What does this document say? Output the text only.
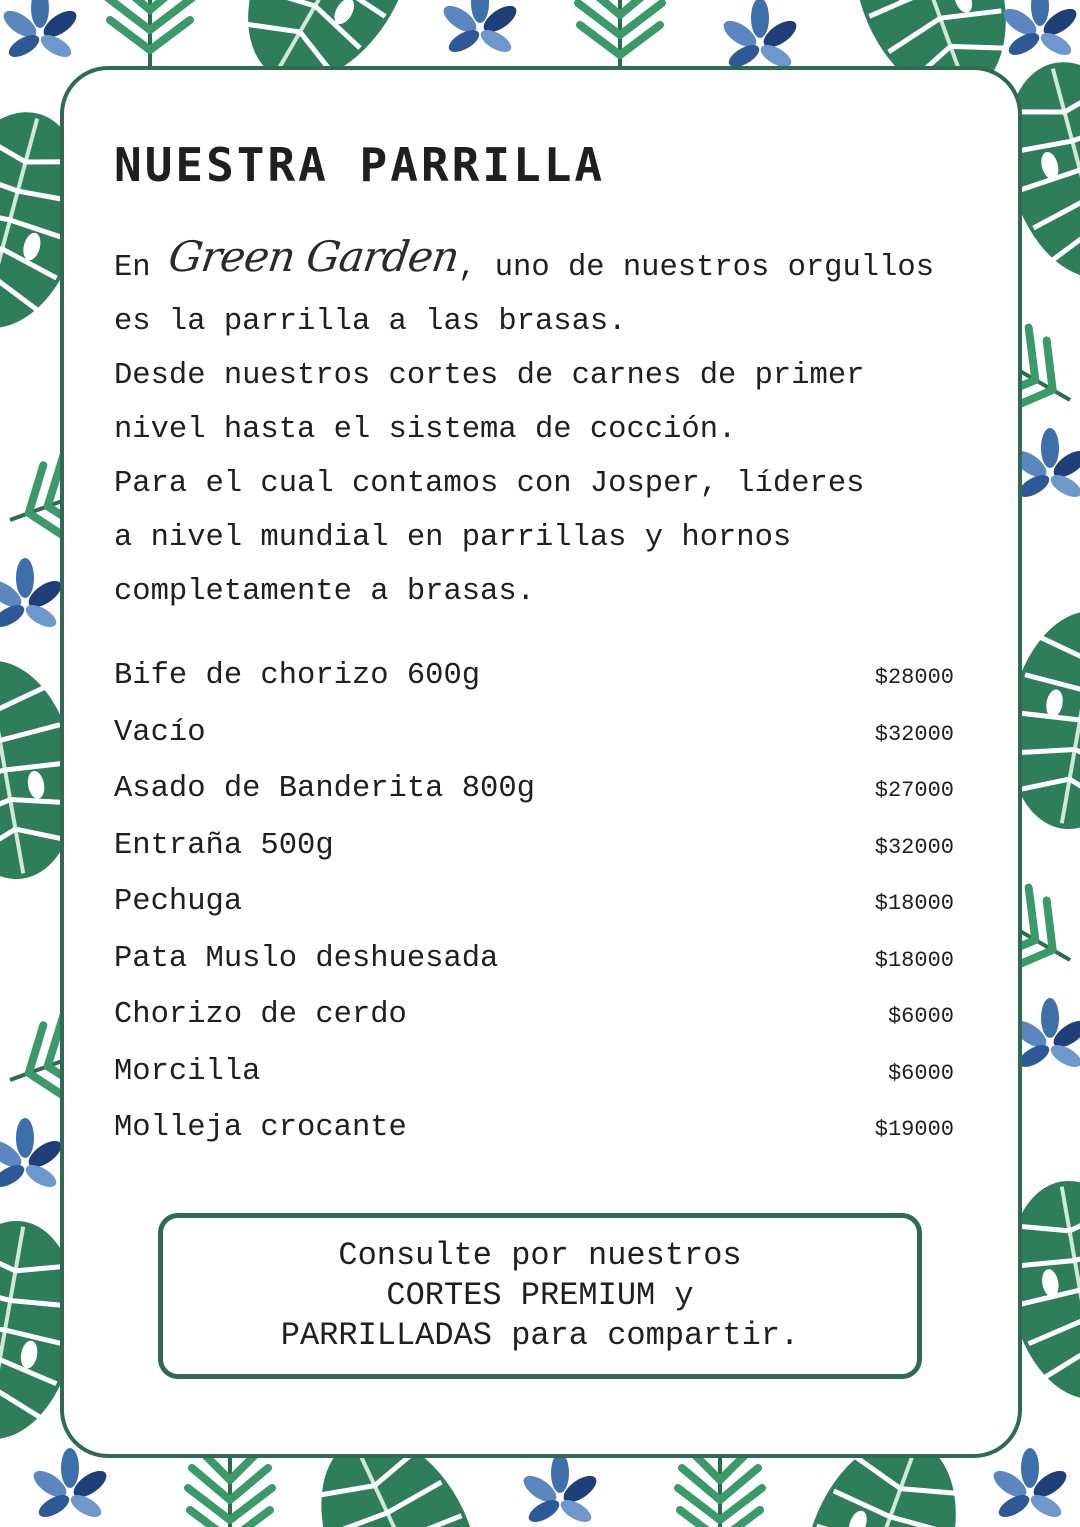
NUESTRA PARRILLA

En Green Garden, uno de nuestros orgullos
es la parrilla a las brasas.
Desde nuestros cortes de carnes de primer
nivel hasta el sistema de cocción.
Para el cual contamos con Josper, líderes
a nivel mundial en parrillas y hornos
completamente a brasas.

Bife de chorizo 600g	$28000
Vacío	$32000
Asado de Banderita 800g	$27000
Entraña 500g	$32000
Pechuga	$18000
Pata Muslo deshuesada	$18000
Chorizo de cerdo	$6000
Morcilla	$6000
Molleja crocante	$19000
Consulte por nuestros
CORTES PREMIUM y
PARRILLADAS para compartir.
